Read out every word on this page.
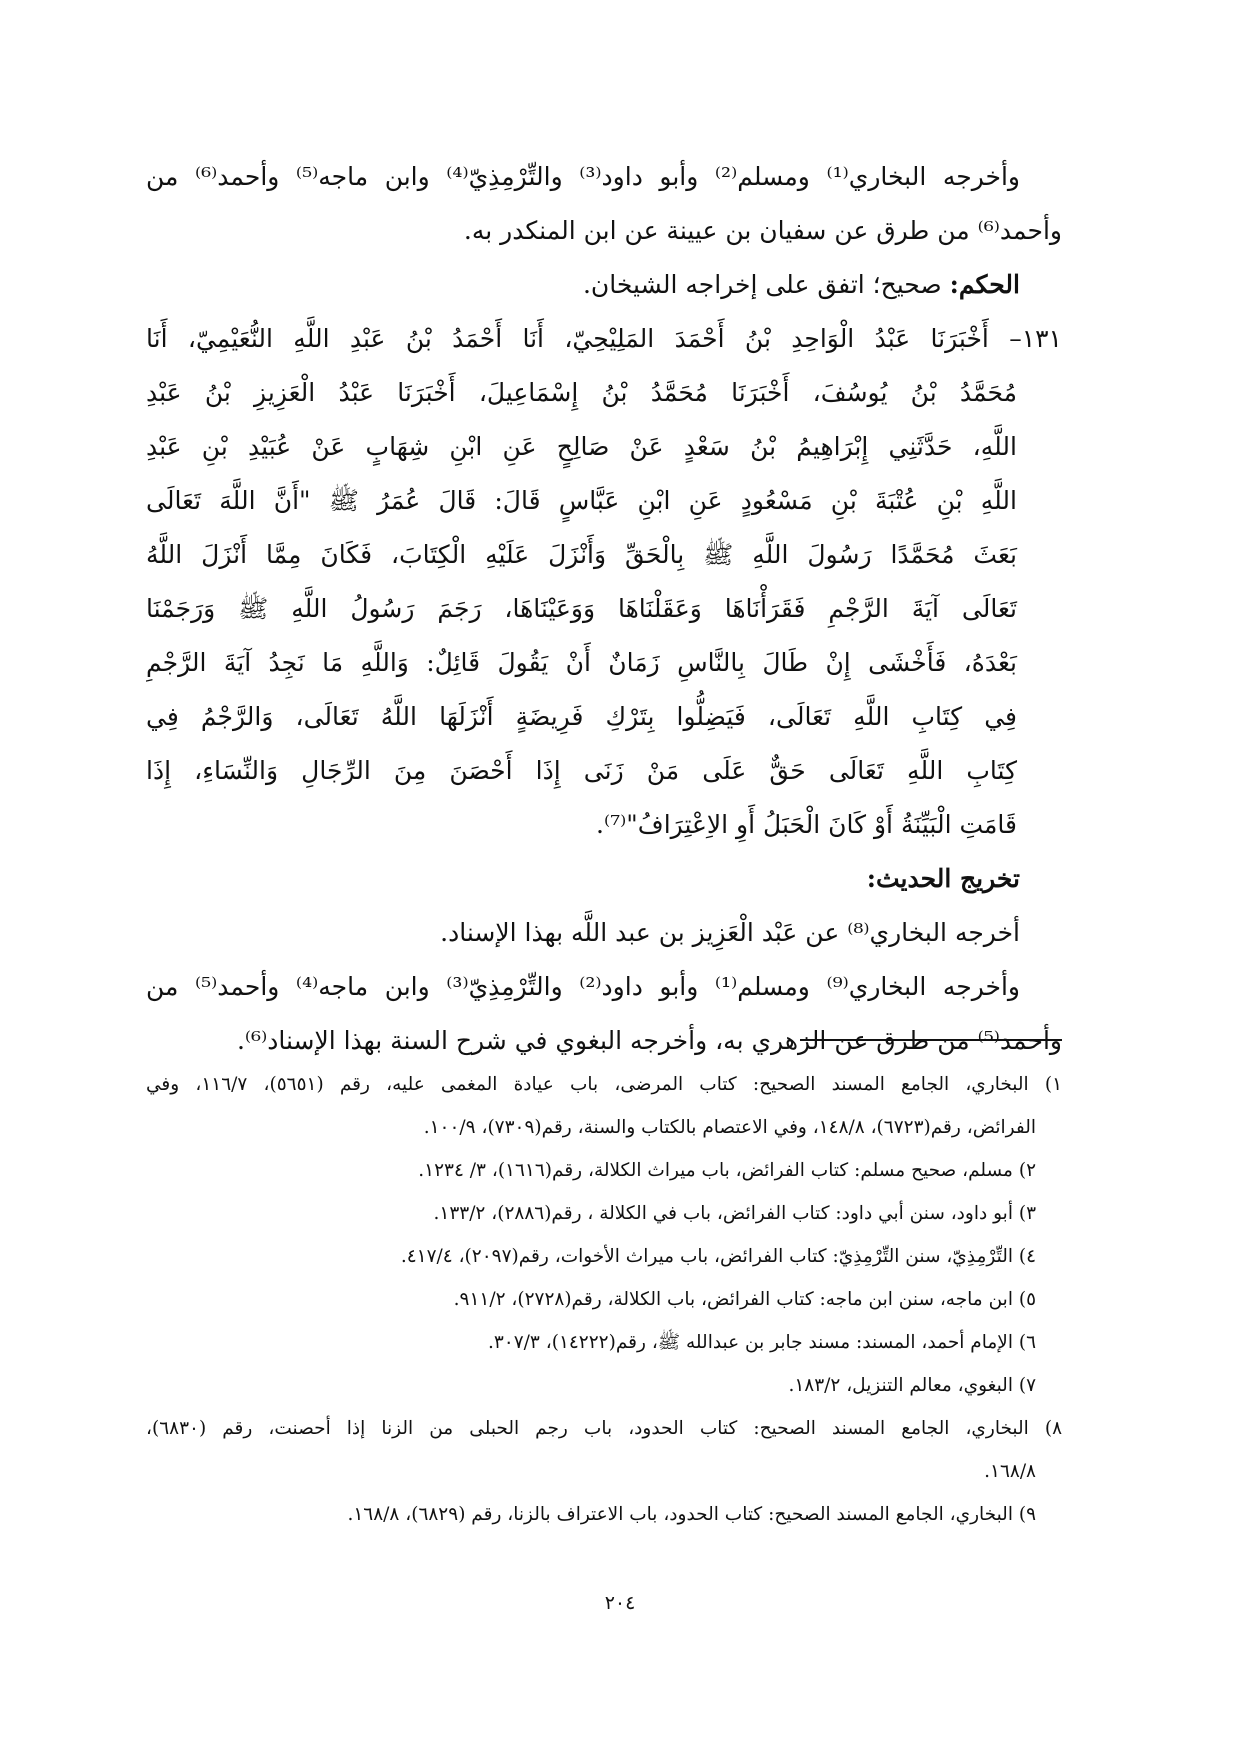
وأخرجه البخاري⁽¹⁾ ومسلم⁽²⁾ وأبو داود⁽³⁾ والتِّرْمِذِيّ⁽⁴⁾ وابن ماجه⁽⁵⁾ وأحمد⁽⁶⁾ من
وأحمد⁽⁶⁾ من طرق عن سفيان بن عيينة عن ابن المنكدر به.
الحكم: صحيح؛ اتفق على إخراجه الشيخان.
١٣١– أَخْبَرَنَا عَبْدُ الْوَاحِدِ بْنُ أَحْمَدَ المَلِيْحِيّ، أَنَا أَحْمَدُ بْنُ عَبْدِ اللَّهِ النُّعَيْمِيّ، أَنَا
مُحَمَّدُ بْنُ يُوسُفَ، أَخْبَرَنَا مُحَمَّدُ بْنُ إِسْمَاعِيلَ، أَخْبَرَنَا عَبْدُ الْعَزِيزِ بْنُ عَبْدِ
اللَّهِ، حَدَّثَنِي إِبْرَاهِيمُ بْنُ سَعْدٍ عَنْ صَالِحٍ عَنِ ابْنِ شِهَابٍ عَنْ عُبَيْدِ بْنِ عَبْدِ
اللَّهِ بْنِ عُتْبَةَ بْنِ مَسْعُودٍ عَنِ ابْنِ عَبَّاسٍ قَالَ: قَالَ عُمَرُ ﷺ "أَنَّ اللَّهَ تَعَالَى
بَعَثَ مُحَمَّدًا رَسُولَ اللَّهِ ﷺ بِالْحَقِّ وَأَنْزَلَ عَلَيْهِ الْكِتَابَ، فَكَانَ مِمَّا أَنْزَلَ اللَّهُ
تَعَالَى آيَةَ الرَّجْمِ فَقَرَأْنَاهَا وَعَقَلْنَاهَا وَوَعَيْنَاهَا، رَجَمَ رَسُولُ اللَّهِ ﷺ وَرَجَمْنَا
بَعْدَهُ، فَأَخْشَى إِنْ طَالَ بِالنَّاسِ زَمَانٌ أَنْ يَقُولَ قَائِلٌ: وَاللَّهِ مَا نَجِدُ آيَةَ الرَّجْمِ
فِي كِتَابِ اللَّهِ تَعَالَى، فَيَضِلُّوا بِتَرْكِ فَرِيضَةٍ أَنْزَلَهَا اللَّهُ تَعَالَى، وَالرَّجْمُ فِي
كِتَابِ اللَّهِ تَعَالَى حَقٌّ عَلَى مَنْ زَنَى إِذَا أَحْصَنَ مِنَ الرِّجَالِ وَالنِّسَاءِ، إِذَا
قَامَتِ الْبَيِّنَةُ أَوْ كَانَ الْحَبَلُ أَوِ الاِعْتِرَافُ"⁽⁷⁾.
تخريج الحديث:
أخرجه البخاري⁽⁸⁾ عن عَبْد الْعَزِيز بن عبد اللَّه بهذا الإسناد.
وأخرجه البخاري⁽⁹⁾ ومسلم⁽¹⁾ وأبو داود⁽²⁾ والتِّرْمِذِيّ⁽³⁾ وابن ماجه⁽⁴⁾ وأحمد⁽⁵⁾ من
وأحمد⁽⁵⁾ من طرق عن الزهري به، وأخرجه البغوي في شرح السنة بهذا الإسناد⁽⁶⁾.
١) البخاري، الجامع المسند الصحيح: كتاب المرضى، باب عيادة المغمى عليه، رقم (٥٦٥١)، ١١٦/٧، وفي
الفرائض، رقم(٦٧٢٣)، ١٤٨/٨، وفي الاعتصام بالكتاب والسنة، رقم(٧٣٠٩)، ١٠٠/٩.
٢) مسلم، صحيح مسلم: كتاب الفرائض، باب ميراث الكلالة، رقم(١٦١٦)، ٣/ ١٢٣٤.
٣) أبو داود، سنن أبي داود: كتاب الفرائض، باب في الكلالة ، رقم(٢٨٨٦)، ١٣٣/٢.
٤) التِّرْمِذِيّ، سنن التِّرْمِذِيّ: كتاب الفرائض، باب ميراث الأخوات، رقم(٢٠٩٧)، ٤١٧/٤.
٥) ابن ماجه، سنن ابن ماجه: كتاب الفرائض، باب الكلالة، رقم(٢٧٢٨)، ٩١١/٢.
٦) الإمام أحمد، المسند: مسند جابر بن عبدالله ﷺ، رقم(١٤٢٢٢)، ٣٠٧/٣.
٧) البغوي، معالم التنزيل، ١٨٣/٢.
٨) البخاري، الجامع المسند الصحيح: كتاب الحدود، باب رجم الحبلى من الزنا إذا أحصنت، رقم (٦٨٣٠)،
١٦٨/٨.
٩) البخاري، الجامع المسند الصحيح: كتاب الحدود، باب الاعتراف بالزنا، رقم (٦٨٢٩)، ١٦٨/٨.
٢٠٤
